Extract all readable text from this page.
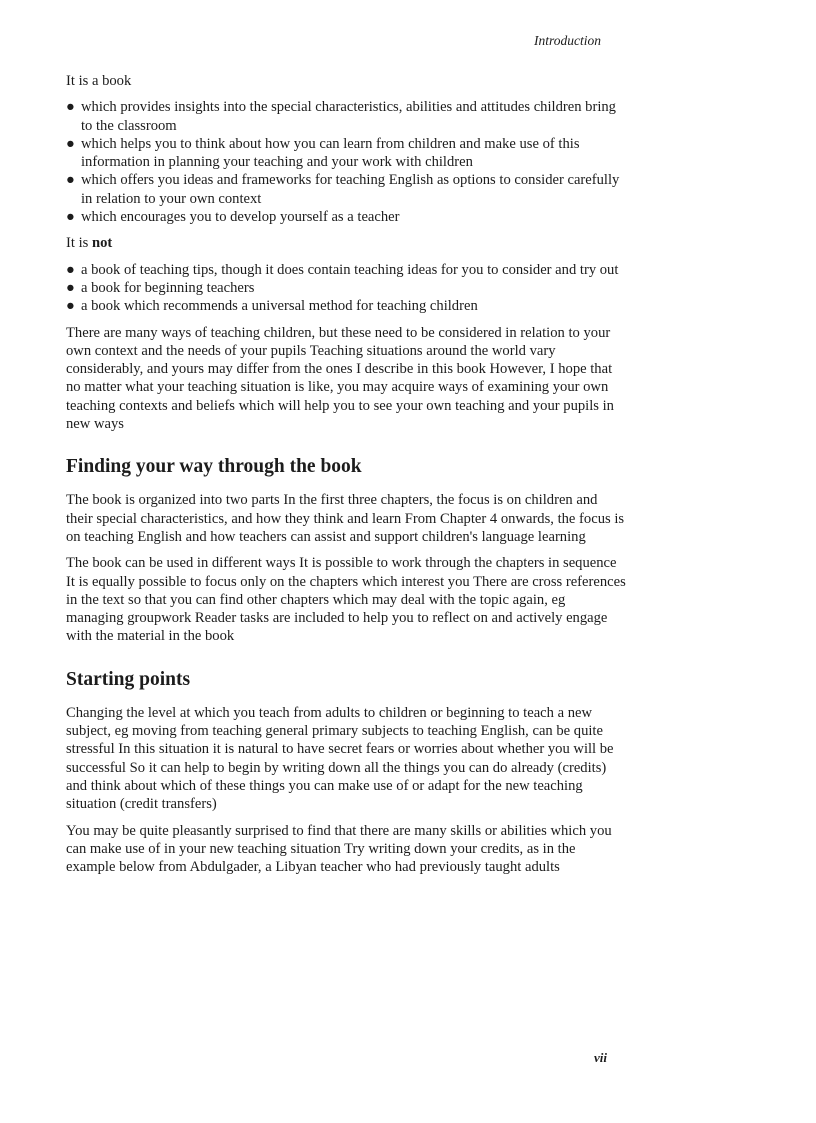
Introduction

It is a book

● which provides insights into the special characteristics, abilities and attitudes children bring to the classroom
● which helps you to think about how you can learn from children and make use of this information in planning your teaching and your work with children
● which offers you ideas and frameworks for teaching English as options to consider carefully in relation to your own context
● which encourages you to develop yourself as a teacher

It is not

● a book of teaching tips, though it does contain teaching ideas for you to consider and try out
● a book for beginning teachers
● a book which recommends a universal method for teaching children

There are many ways of teaching children, but these need to be considered in relation to your own context and the needs of your pupils Teaching situations around the world vary considerably, and yours may differ from the ones I describe in this book However, I hope that no matter what your teaching situation is like, you may acquire ways of examining your own teaching contexts and beliefs which will help you to see your own teaching and your pupils in new ways

Finding your way through the book

The book is organized into two parts In the first three chapters, the focus is on children and their special characteristics, and how they think and learn From Chapter 4 onwards, the focus is on teaching English and how teachers can assist and support children's language learning

The book can be used in different ways It is possible to work through the chapters in sequence It is equally possible to focus only on the chapters which interest you There are cross references in the text so that you can find other chapters which may deal with the topic again, eg managing groupwork Reader tasks are included to help you to reflect on and actively engage with the material in the book

Starting points

Changing the level at which you teach from adults to children or beginning to teach a new subject, eg moving from teaching general primary subjects to teaching English, can be quite stressful In this situation it is natural to have secret fears or worries about whether you will be successful So it can help to begin by writing down all the things you can do already (credits) and think about which of these things you can make use of or adapt for the new teaching situation (credit transfers)

You may be quite pleasantly surprised to find that there are many skills or abilities which you can make use of in your new teaching situation Try writing down your credits, as in the example below from Abdulgader, a Libyan teacher who had previously taught adults

vii
